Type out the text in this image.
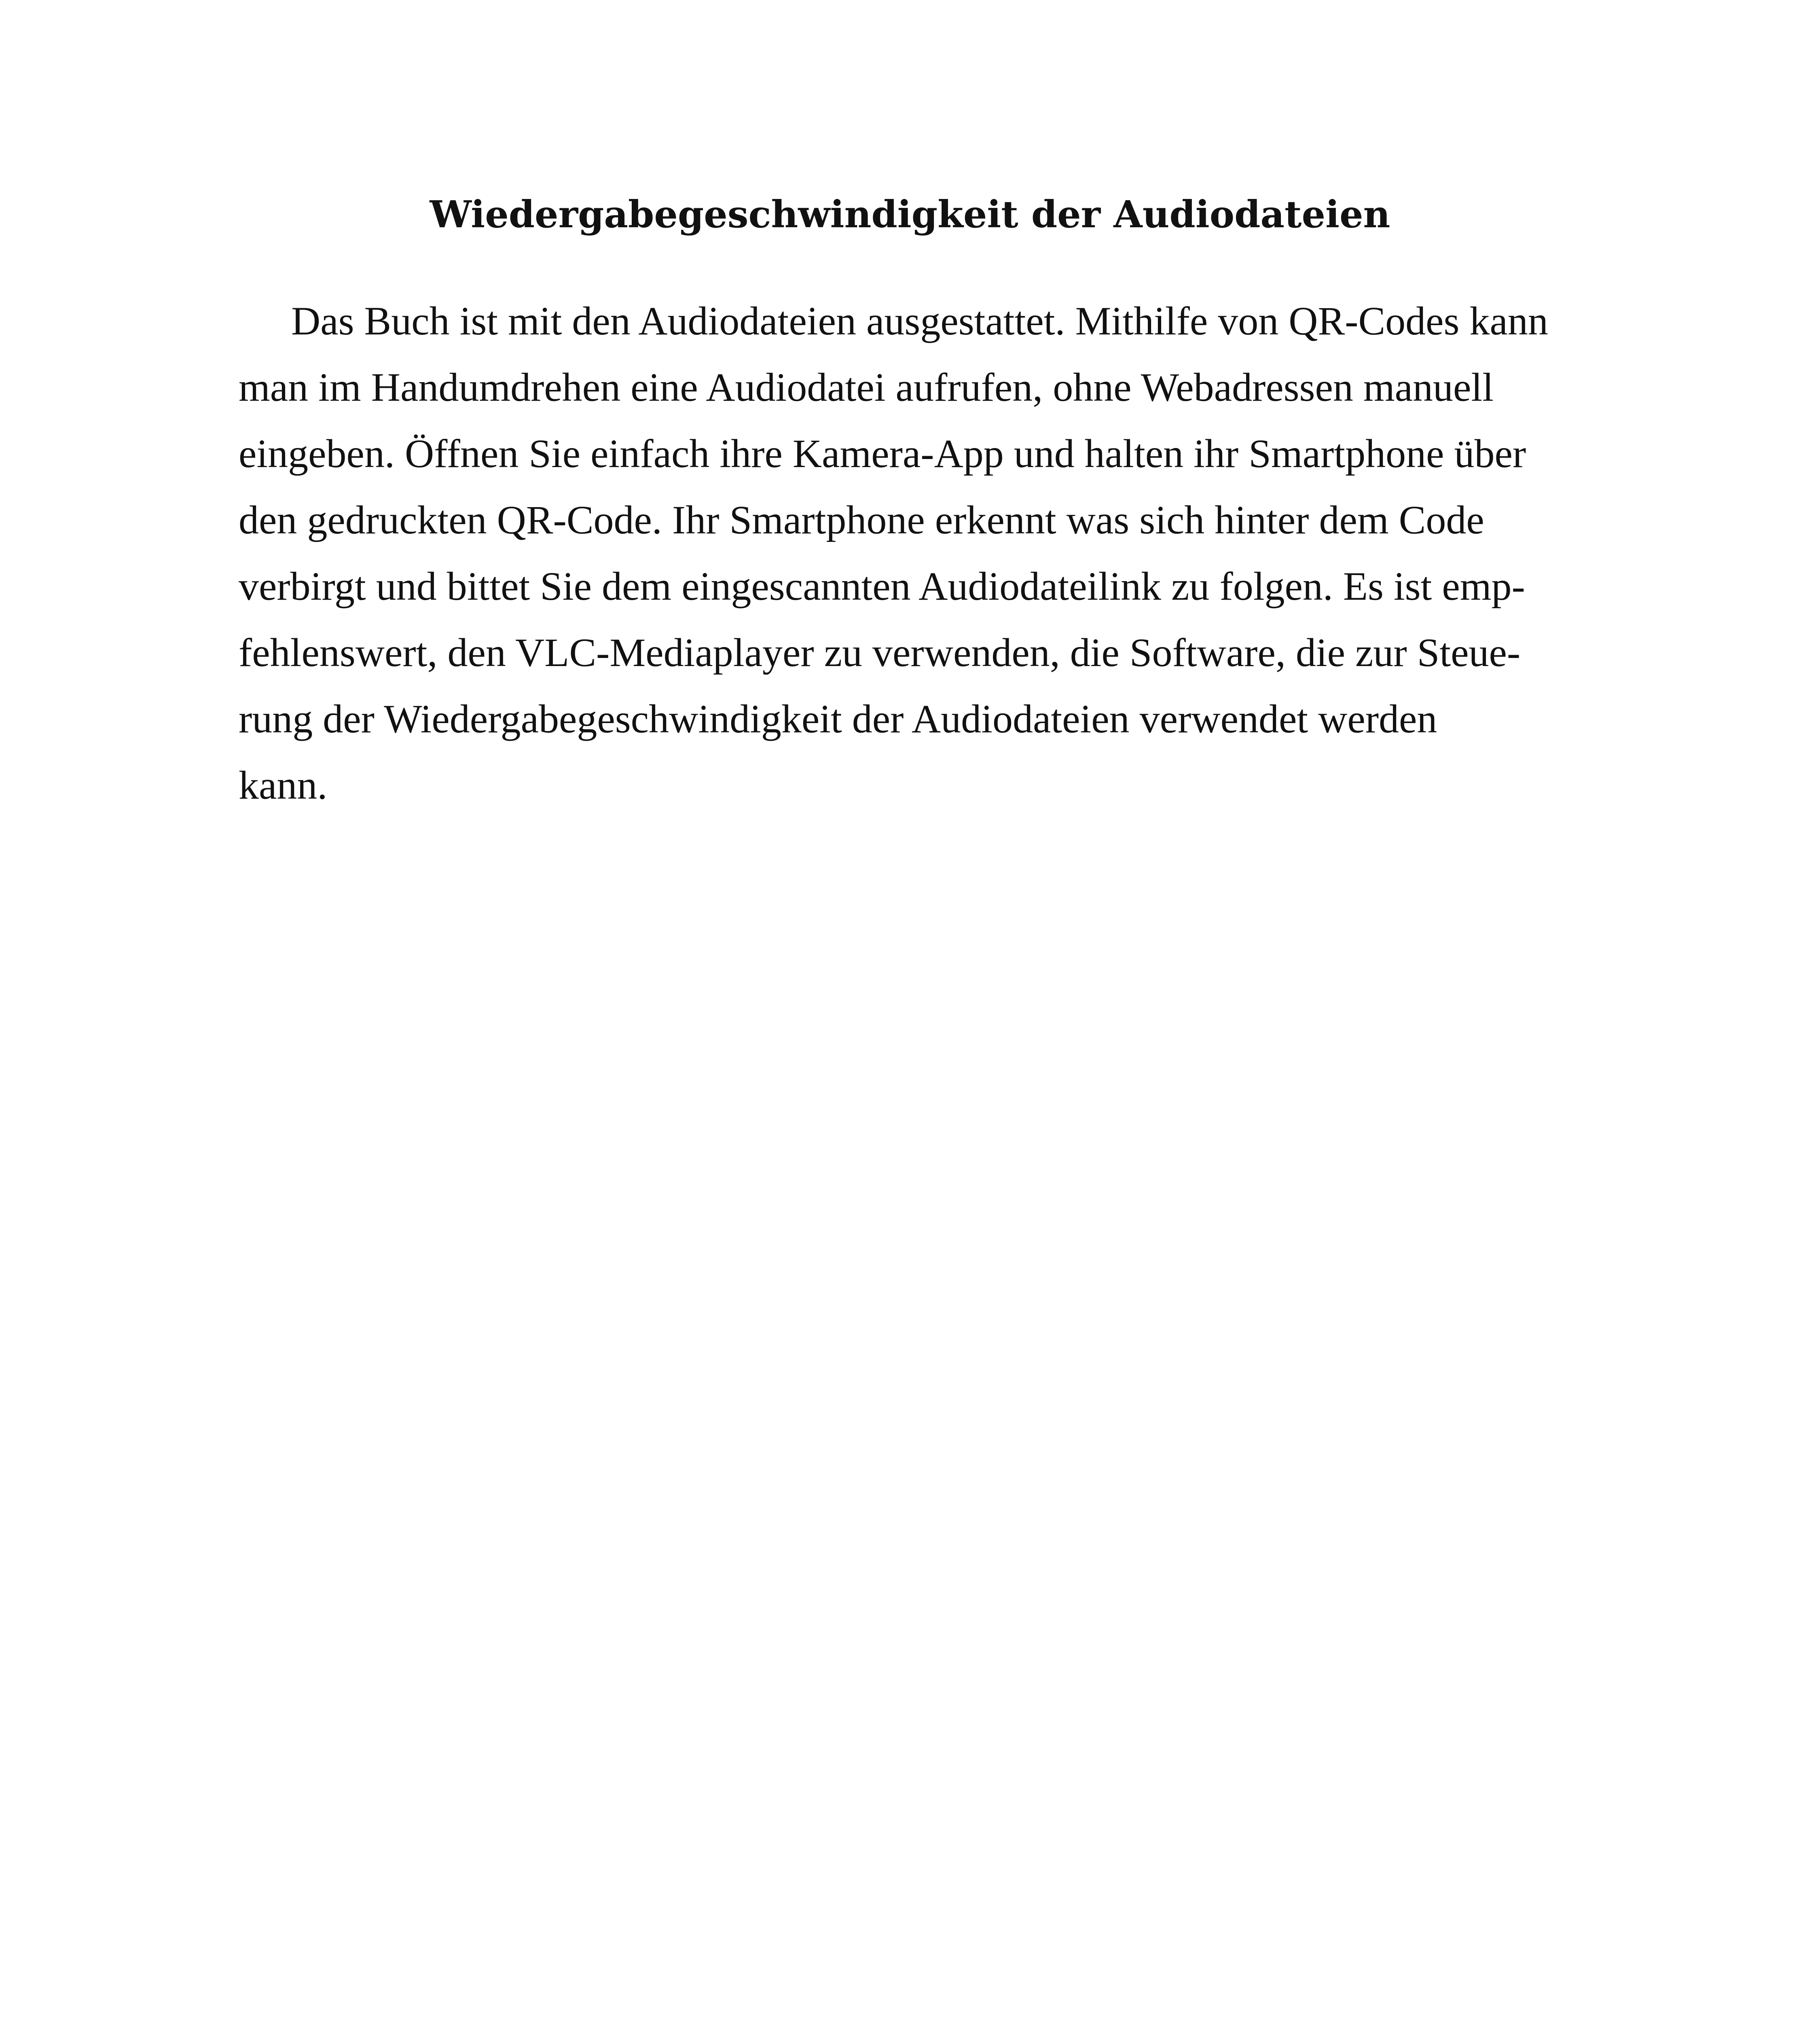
Wiedergabegeschwindigkeit der Audiodateien
Das Buch ist mit den Audiodateien ausgestattet. Mithilfe von QR-Codes kann
man im Handumdrehen eine Audiodatei aufrufen, ohne Webadressen manuell
eingeben. Öffnen Sie einfach ihre Kamera-App und halten ihr Smartphone über
den gedruckten QR-Code. Ihr Smartphone erkennt was sich hinter dem Code
verbirgt und bittet Sie dem eingescannten Audiodateilink zu folgen. Es ist emp-
fehlenswert, den VLC-Mediaplayer zu verwenden, die Software, die zur Steue-
rung der Wiedergabegeschwindigkeit der Audiodateien verwendet werden
kann.
